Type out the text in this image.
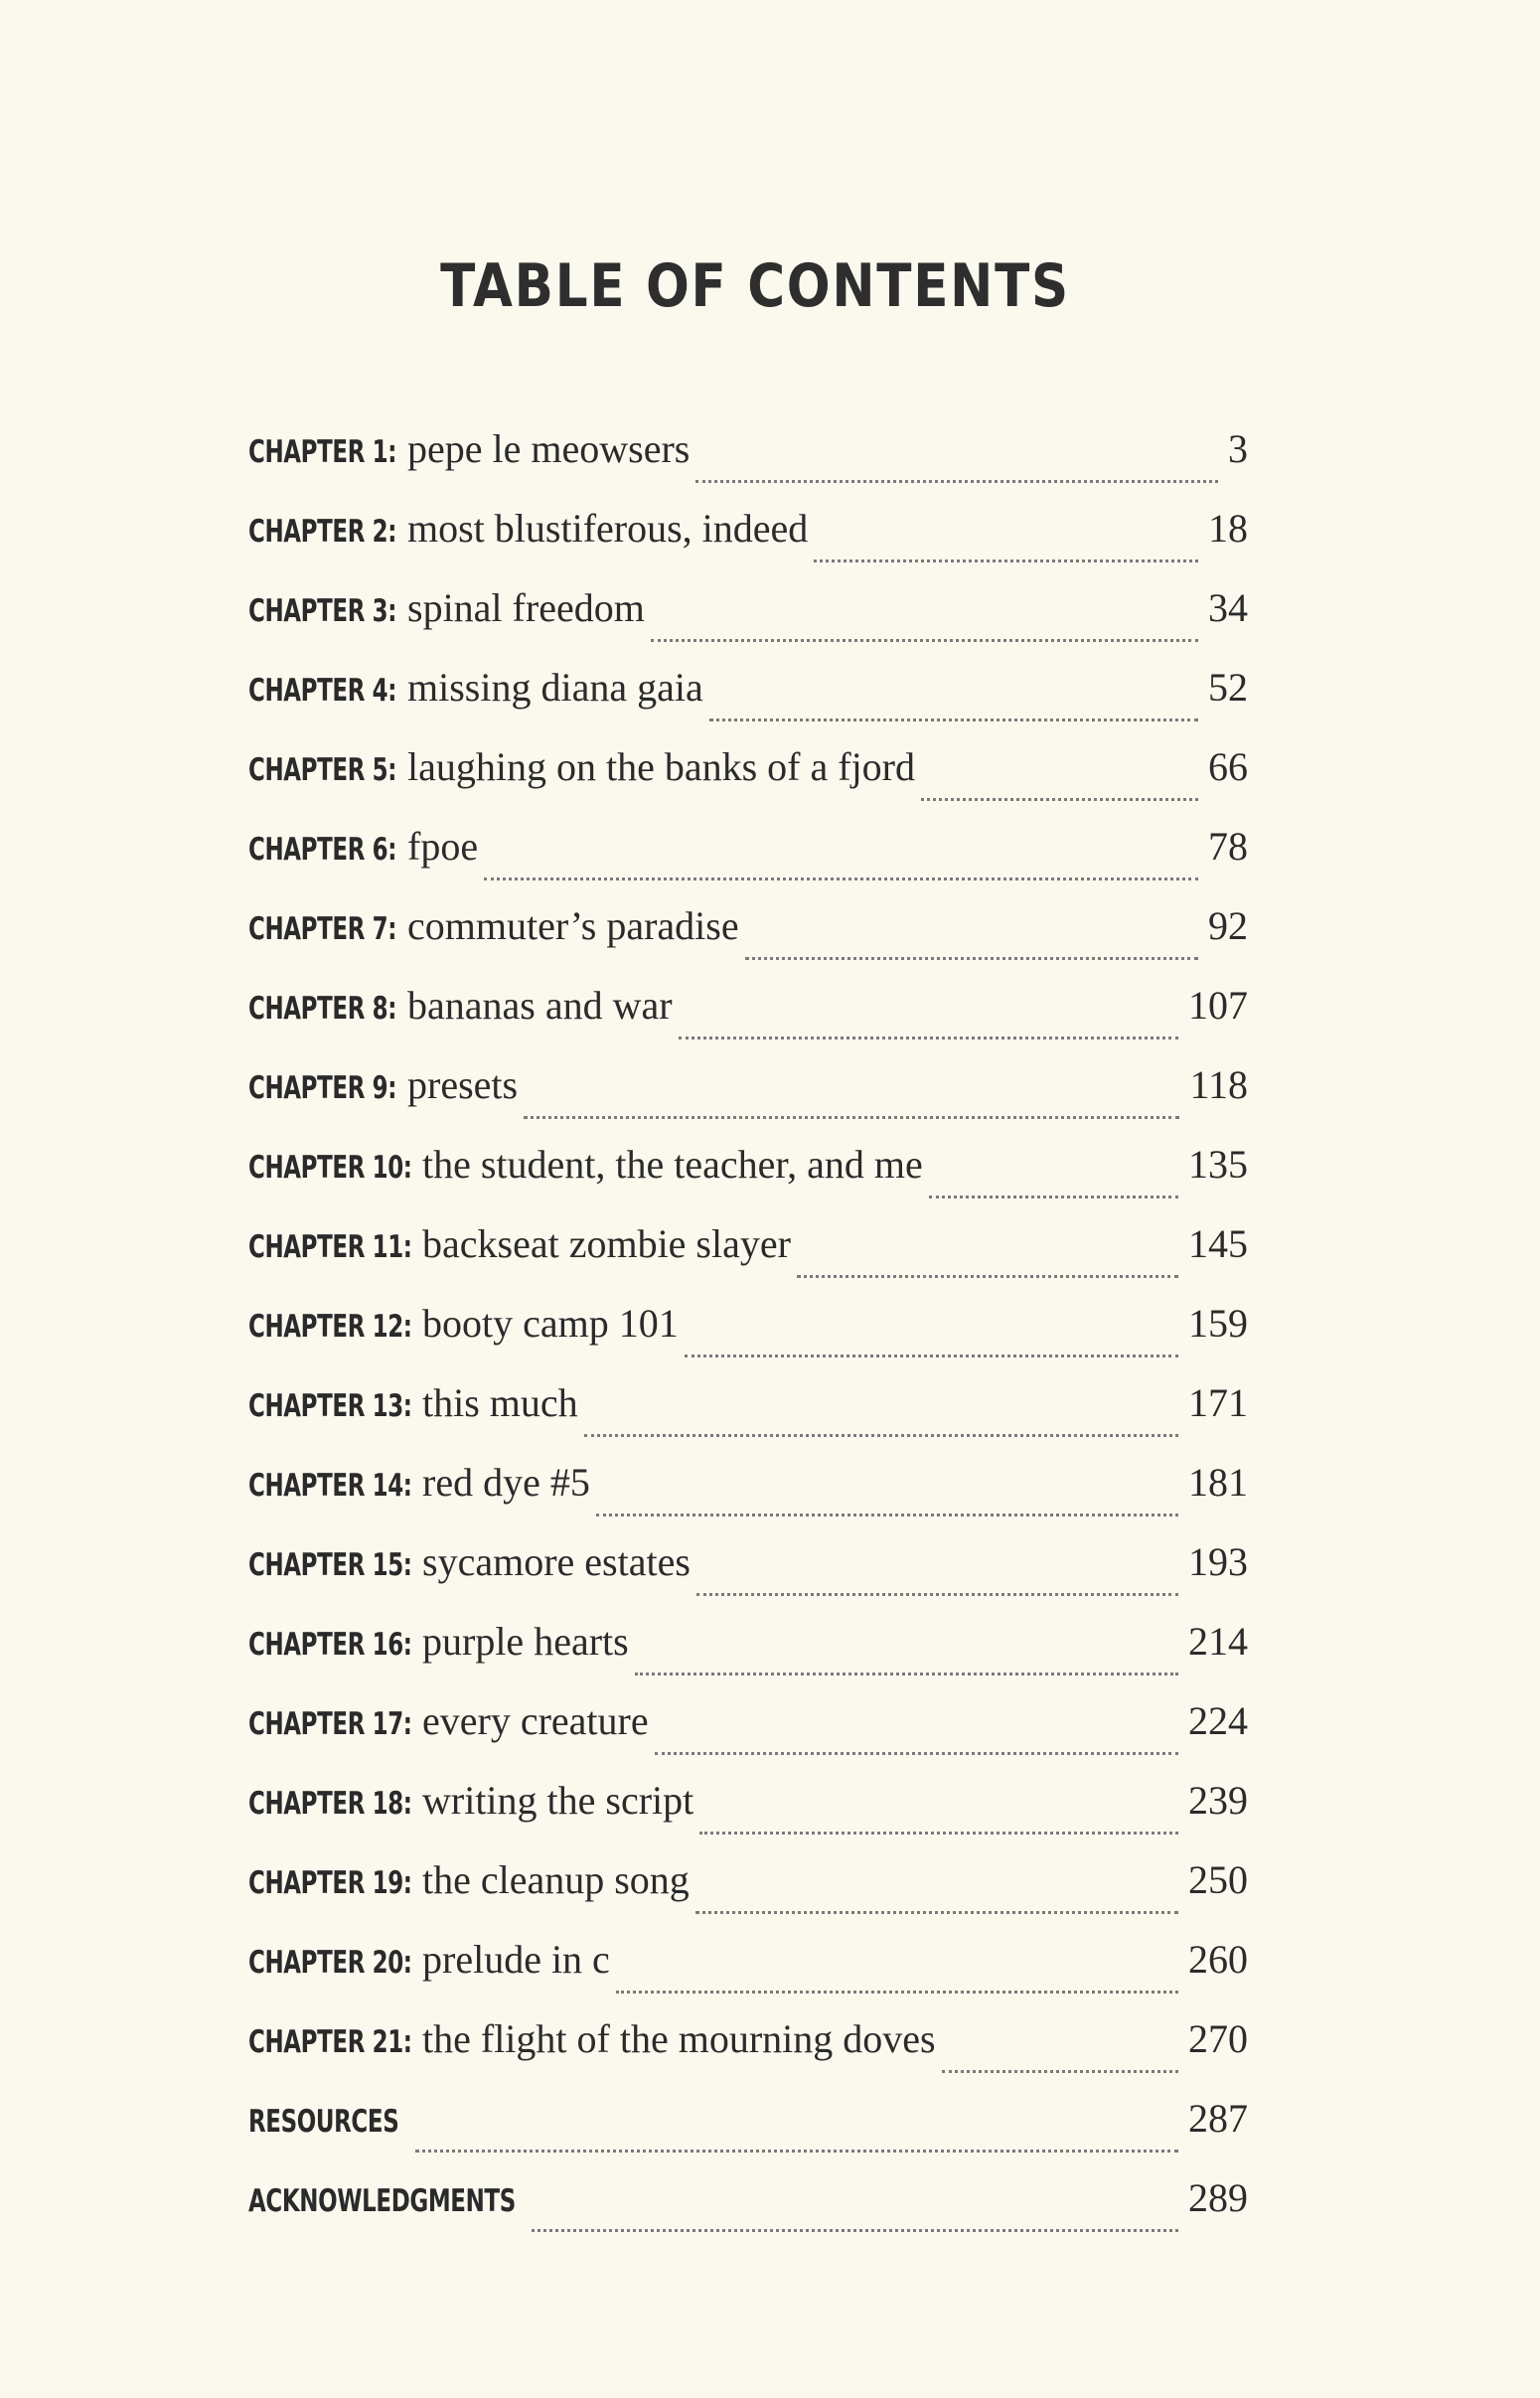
TABLE OF CONTENTS
CHAPTER 1: pepe le meowsers	3
CHAPTER 2: most blustiferous, indeed	18
CHAPTER 3: spinal freedom	34
CHAPTER 4: missing diana gaia	52
CHAPTER 5: laughing on the banks of a fjord	66
CHAPTER 6: fpoe	78
CHAPTER 7: commuter’s paradise	92
CHAPTER 8: bananas and war	107
CHAPTER 9: presets	118
CHAPTER 10: the student, the teacher, and me	135
CHAPTER 11: backseat zombie slayer	145
CHAPTER 12: booty camp 101	159
CHAPTER 13: this much	171
CHAPTER 14: red dye #5	181
CHAPTER 15: sycamore estates	193
CHAPTER 16: purple hearts	214
CHAPTER 17: every creature	224
CHAPTER 18: writing the script	239
CHAPTER 19: the cleanup song	250
CHAPTER 20: prelude in c	260
CHAPTER 21: the flight of the mourning doves	270
RESOURCES	287
ACKNOWLEDGMENTS	289
